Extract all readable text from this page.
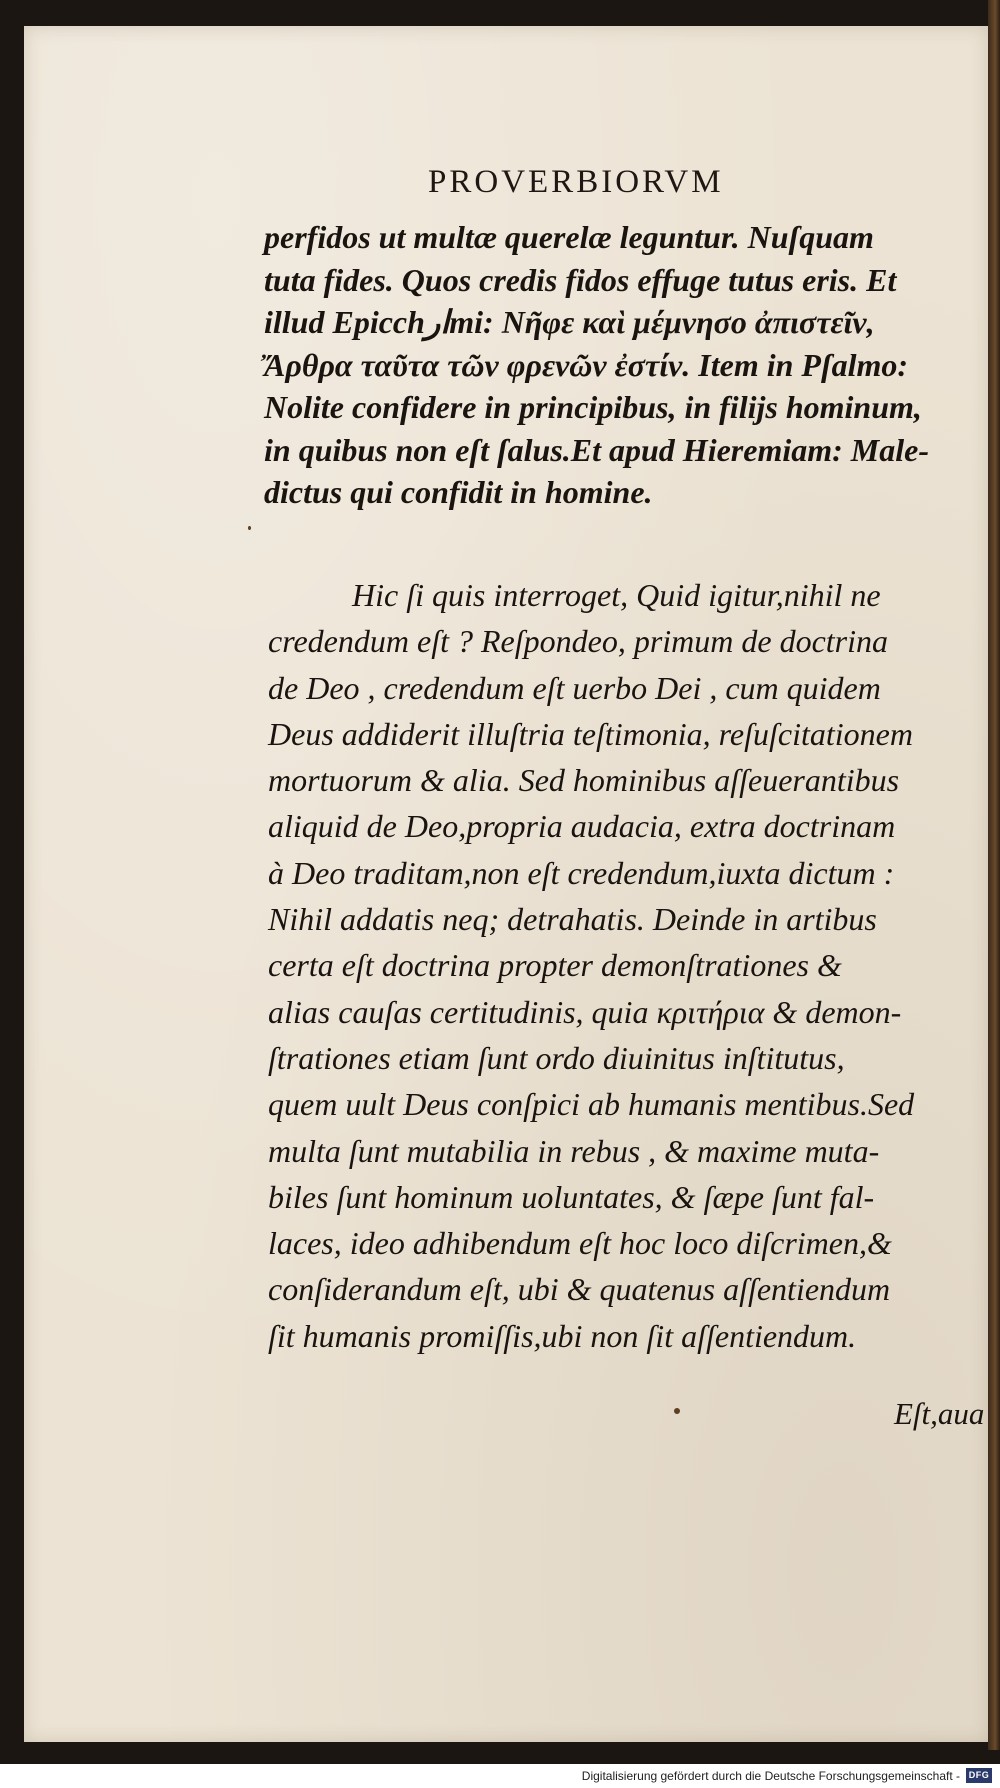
PROVERBIORVM
perfidos ut multæ querelæ leguntur. Nuſquam
tuta fides. Quos credis fidos effuge tutus eris. Et
illud Epicchارmi: Νῆφε καὶ μέμνησο ἀπιστεῖν,
Ἄρθρα ταῦτα τῶν φρενῶν ἐστίν. Item in Pſalmo:
Nolite confidere in principibus, in filijs hominum,
in quibus non eſt ſalus.Et apud Hieremiam: Male-
dictus qui confidit in homine.
Hic ſi quis interroget, Quid igitur,nihil ne
credendum eſt ? Reſpondeo, primum de doctrina
de Deo , credendum eſt uerbo Dei , cum quidem
Deus addiderit illuſtria teſtimonia, reſuſcitationem
mortuorum & alia. Sed hominibus aſſeuerantibus
aliquid de Deo,propria audacia, extra doctrinam
à Deo traditam,non eſt credendum,iuxta dictum :
Nihil addatis neq; detrahatis. Deinde in artibus
certa eſt doctrina propter demonſtrationes &
alias cauſas certitudinis, quia κριτήρια & demon-
ſtrationes etiam ſunt ordo diuinitus inſtitutus,
quem uult Deus conſpici ab humanis mentibus.Sed
multa ſunt mutabilia in rebus , & maxime muta-
biles ſunt hominum uoluntates, & ſæpe ſunt fal-
laces, ideo adhibendum eſt hoc loco diſcrimen,&
conſiderandum eſt, ubi & quatenus aſſentiendum
ſit humanis promiſſis,ubi non ſit aſſentiendum.

Eſt,aua

Digitalisierung gefördert durch die Deutsche Forschungsgemeinschaft - DFG
